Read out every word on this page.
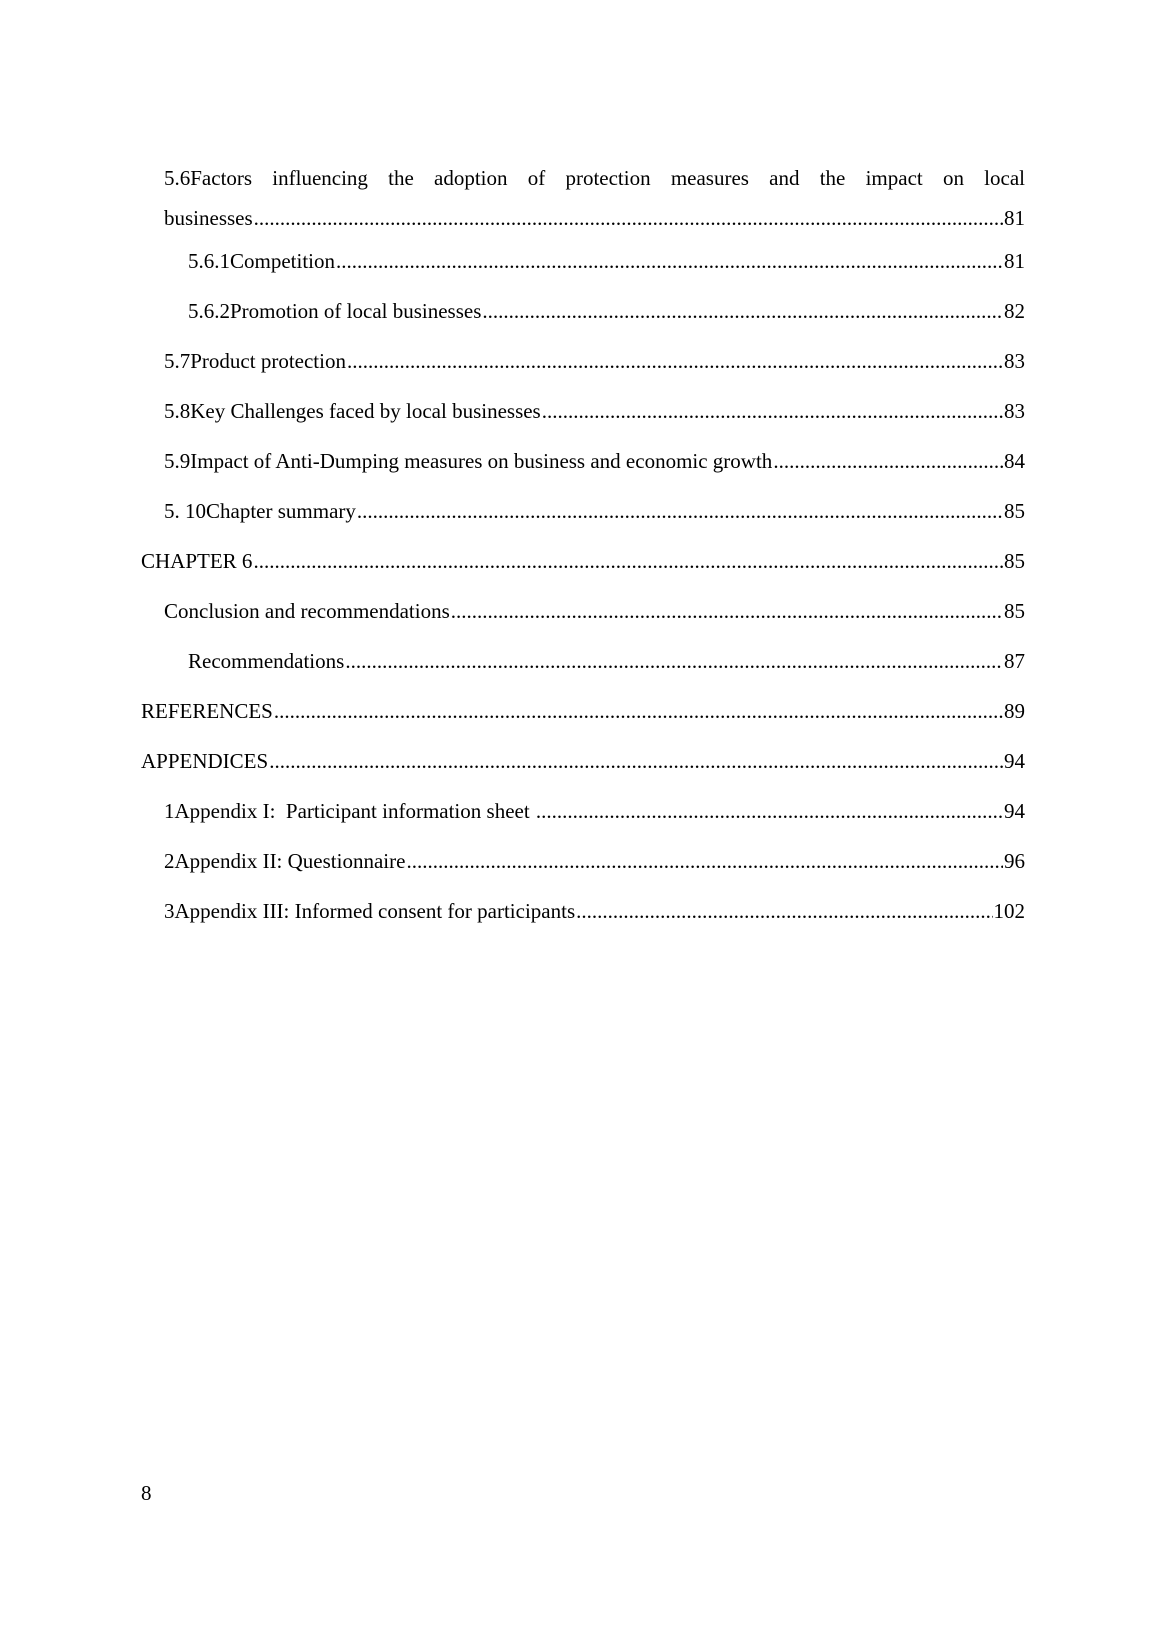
5.6Factors influencing the adoption of protection measures and the impact on local
businesses .....	81
5.6.1Competition .....	81
5.6.2Promotion of local businesses .....	82
5.7Product protection .....	83
5.8Key Challenges faced by local businesses .....	83
5.9Impact of Anti-Dumping measures on business and economic growth .....	84
5. 10Chapter summary .....	85
CHAPTER 6 .....	85
Conclusion and recommendations .....	85
Recommendations .....	87
REFERENCES .....	89
APPENDICES .....	94
1Appendix I:  Participant information sheet .....	94
2Appendix II: Questionnaire .....	96
3Appendix III: Informed consent for participants .....	102
8
